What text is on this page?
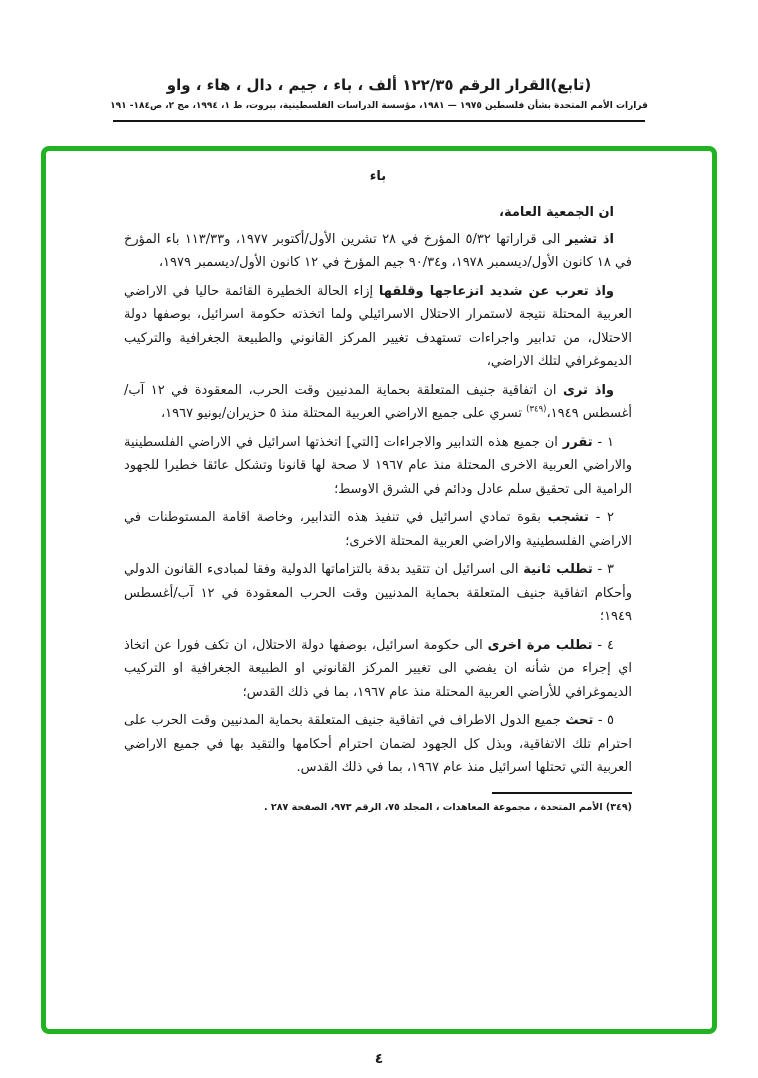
(تابع)القرار الرقم ١٢٢/٣٥ ألف ، باء ، جيم ، دال ، هاء ، واو
قرارات الأمم المتحدة بشأن فلسطين ١٩٧٥ — ١٩٨١، مؤسسة الدراسات الفلسطينية، بيروت، ط ١، ١٩٩٤، مج ٢، ص١٨٤- ١٩١
باء

ان الجمعية العامة،

اذ تشير الى قراراتها ٥/٣٢ المؤرخ في ٢٨ تشرين الأول/أكتوبر ١٩٧٧، و١١٣/٣٣ باء المؤرخ في ١٨ كانون الأول/ديسمبر ١٩٧٨، و٩٠/٣٤ جيم المؤرخ في ١٢ كانون الأول/ديسمبر ١٩٧٩،

واذ تعرب عن شديد انزعاجها وقلقها إزاء الحالة الخطيرة القائمة حاليا في الاراضي العربية المحتلة نتيجة لاستمرار الاحتلال الاسرائيلي ولما اتخذته حكومة اسرائيل، بوصفها دولة الاحتلال، من تدابير واجراءات تستهدف تغيير المركز القانوني والطبيعة الجغرافية والتركيب الديموغرافي لتلك الاراضي،

واذ ترى ان اتفاقية جنيف المتعلقة بحماية المدنيين وقت الحرب، المعقودة في ١٢ آب/أغسطس ١٩٤٩،$^{(٣٤٩)}$ تسري على جميع الاراضي العربية المحتلة منذ ٥ حزيران/يونيو ١٩٦٧،

١ - تقرر ان جميع هذه التدابير والاجراءات [التي] اتخذتها اسرائيل في الاراضي الفلسطينية والاراضي العربية الاخرى المحتلة منذ عام ١٩٦٧ لا صحة لها قانونا وتشكل عائقا خطيرا للجهود الرامية الى تحقيق سلم عادل ودائم في الشرق الاوسط؛

٢ - تشجب بقوة تمادي اسرائيل في تنفيذ هذه التدابير، وخاصة اقامة المستوطنات في الاراضي الفلسطينية والاراضي العربية المحتلة الاخرى؛

٣ - تطلب ثانية الى اسرائيل ان تتقيد بدقة بالتزاماتها الدولية وفقا لمبادىء القانون الدولي وأحكام اتفاقية جنيف المتعلقة بحماية المدنيين وقت الحرب المعقودة في ١٢ آب/أغسطس ١٩٤٩؛

٤ - تطلب مرة اخرى الى حكومة اسرائيل، بوصفها دولة الاحتلال، ان تكف فورا عن اتخاذ اي إجراء من شأنه ان يفضي الى تغيير المركز القانوني او الطبيعة الجغرافية او التركيب الديموغرافي للأراضي العربية المحتلة منذ عام ١٩٦٧، بما في ذلك القدس؛

٥ - تحث جميع الدول الاطراف في اتفاقية جنيف المتعلقة بحماية المدنيين وقت الحرب على احترام تلك الاتفاقية، وبذل كل الجهود لضمان احترام أحكامها والتقيد بها في جميع الاراضي العربية التي تحتلها اسرائيل منذ عام ١٩٦٧، بما في ذلك القدس.

(٣٤٩) الأمم المتحدة ، مجموعة المعاهدات ، المجلد ٧٥، الرقم ٩٧٣، الصفحة ٢٨٧ .

٤
